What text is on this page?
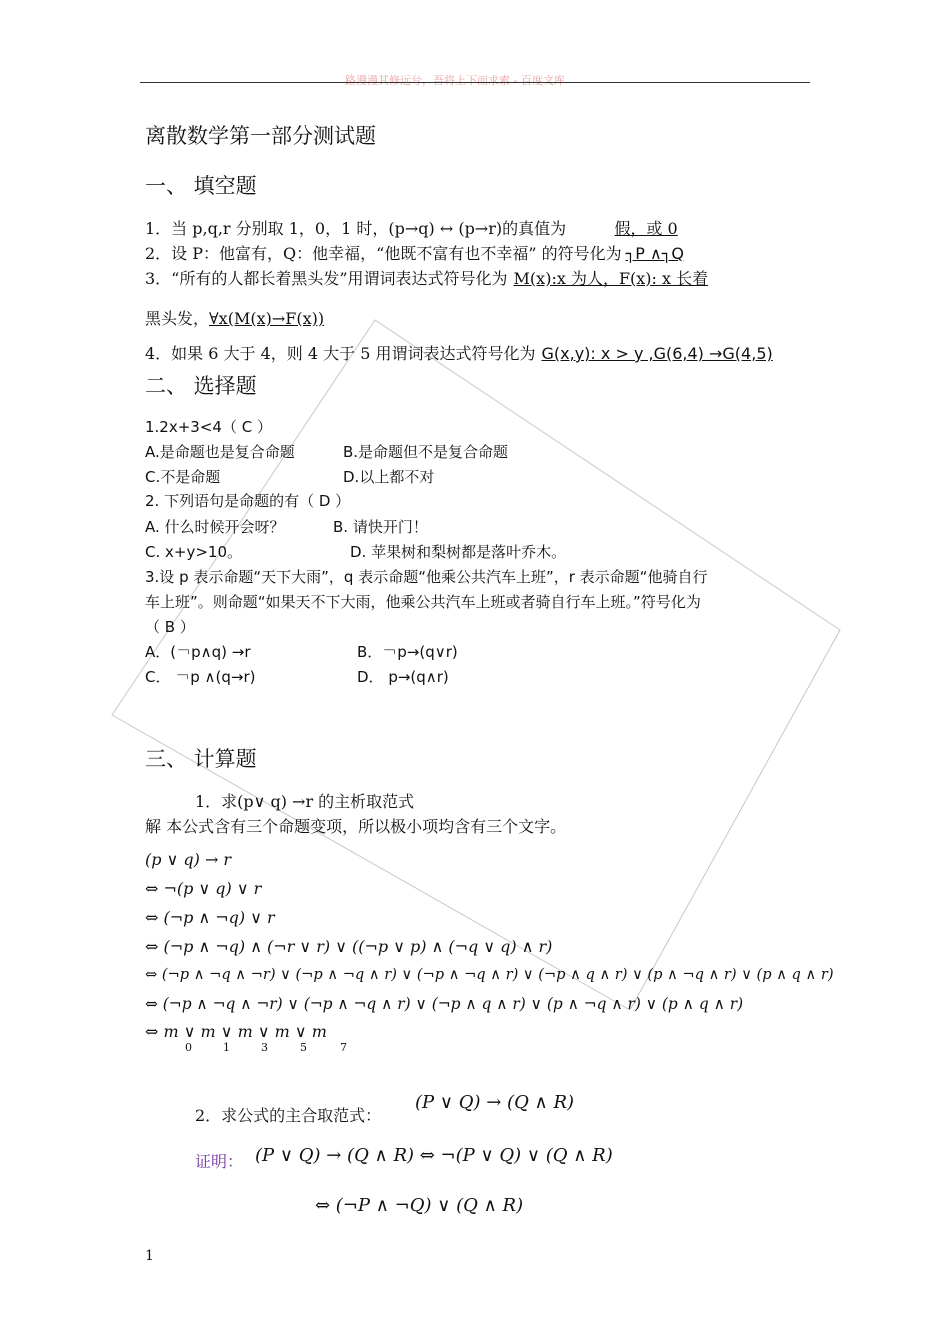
路漫漫其修远兮，吾将上下而求索 - 百度文库
离散数学第一部分测试题
一、 填空题
1．当 p,q,r 分别取 1，0，1 时，(p→q) ↔ (p→r)的真值为	假，或 0
2．设 P：他富有，Q：他幸福，“他既不富有也不幸福” 的符号化为 ┐P ∧┐Q
3．“所有的人都长着黑头发”用谓词表达式符号化为 M(x):x 为人，F(x): x 长着
黑头发，∀x(M(x)→F(x))
4．如果 6 大于 4，则 4 大于 5 用谓词表达式符号化为 G(x,y): x > y ,G(6,4) →G(4,5)
二、 选择题
1.2x+3<4（ C ）
A.是命题也是复合命题	B.是命题但不是复合命题
C.不是命题	D.以上都不对
2. 下列语句是命题的有（ D ）
A. 什么时候开会呀？	B. 请快开门！
C. x+y>10。	D. 苹果树和梨树都是落叶乔木。
3.设 p 表示命题“天下大雨”，q 表示命题“他乘公共汽车上班”，r 表示命题“他骑自行
车上班”。则命题“如果天不下大雨，他乘公共汽车上班或者骑自行车上班。”符号化为
（ B ）
A．(￢p∧q) →r	B．￢p→(q∨r)
C． ￢p ∧(q→r)	D． p→(q∧r)
三、 计算题
1．求(p∨ q) →r 的主析取范式
解 本公式含有三个命题变项，所以极小项均含有三个文字。
(p ∨ q) → r
⇔ ¬(p ∨ q) ∨ r
⇔ (¬p ∧ ¬q) ∨ r
⇔ (¬p ∧ ¬q) ∧ (¬r ∨ r) ∨ ((¬p ∨ p) ∧ (¬q ∨ q) ∧ r)
⇔ (¬p ∧ ¬q ∧ ¬r) ∨ (¬p ∧ ¬q ∧ r) ∨ (¬p ∧ ¬q ∧ r) ∨ (¬p ∧ q ∧ r) ∨ (p ∧ ¬q ∧ r) ∨ (p ∧ q ∧ r)
⇔ (¬p ∧ ¬q ∧ ¬r) ∨ (¬p ∧ ¬q ∧ r) ∨ (¬p ∧ q ∧ r) ∨ (p ∧ ¬q ∧ r) ∨ (p ∧ q ∧ r)
⇔ m ∨ m ∨ m ∨ m ∨ m
0	1	3	5	7
2．求公式的主合取范式：
(P ∨ Q) → (Q ∧ R)
证明： (P ∨ Q) → (Q ∧ R) ⇔ ¬(P ∨ Q) ∨ (Q ∧ R)
⇔ (¬P ∧ ¬Q) ∨ (Q ∧ R)
1
